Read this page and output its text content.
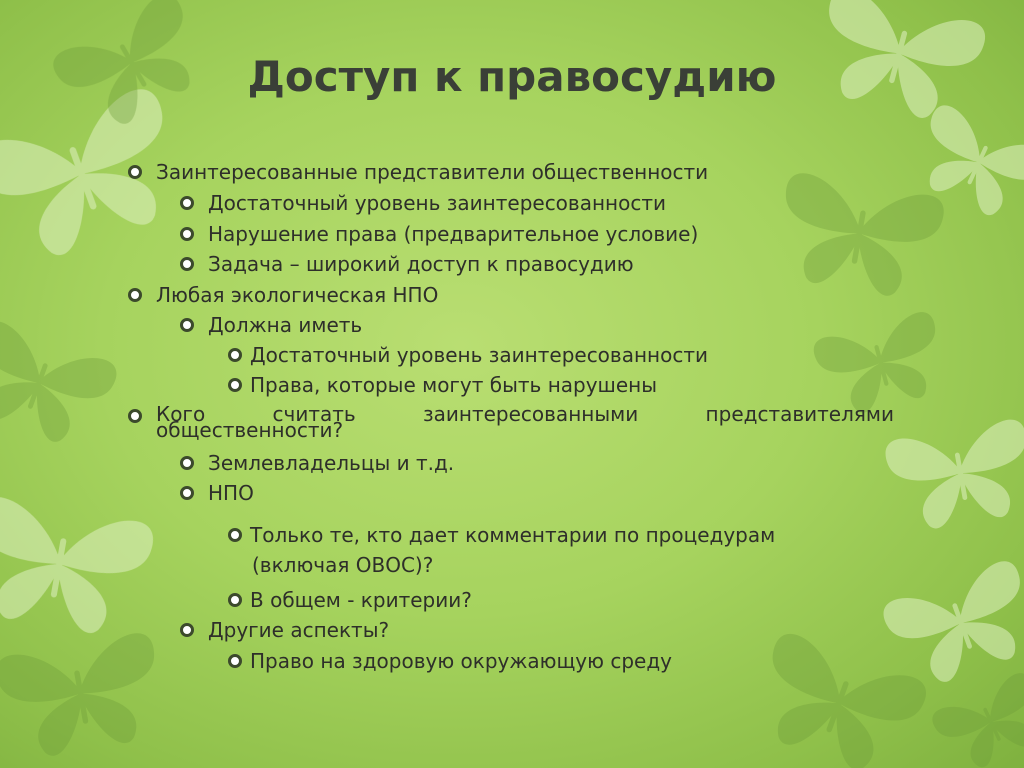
Доступ к правосудию
Заинтересованные представители общественности
Достаточный уровень заинтересованности
Нарушение права (предварительное условие)
Задача – широкий доступ к правосудию
Любая экологическая НПО
Должна иметь
Достаточный уровень заинтересованности
Права, которые могут быть нарушены
Кого считать заинтересованными представителями общественности?
Землевладельцы и т.д.
НПО
Только те, кто дает комментарии по процедурам
(включая ОВОС)?
В общем - критерии?
Другие аспекты?
Право на здоровую окружающую среду
